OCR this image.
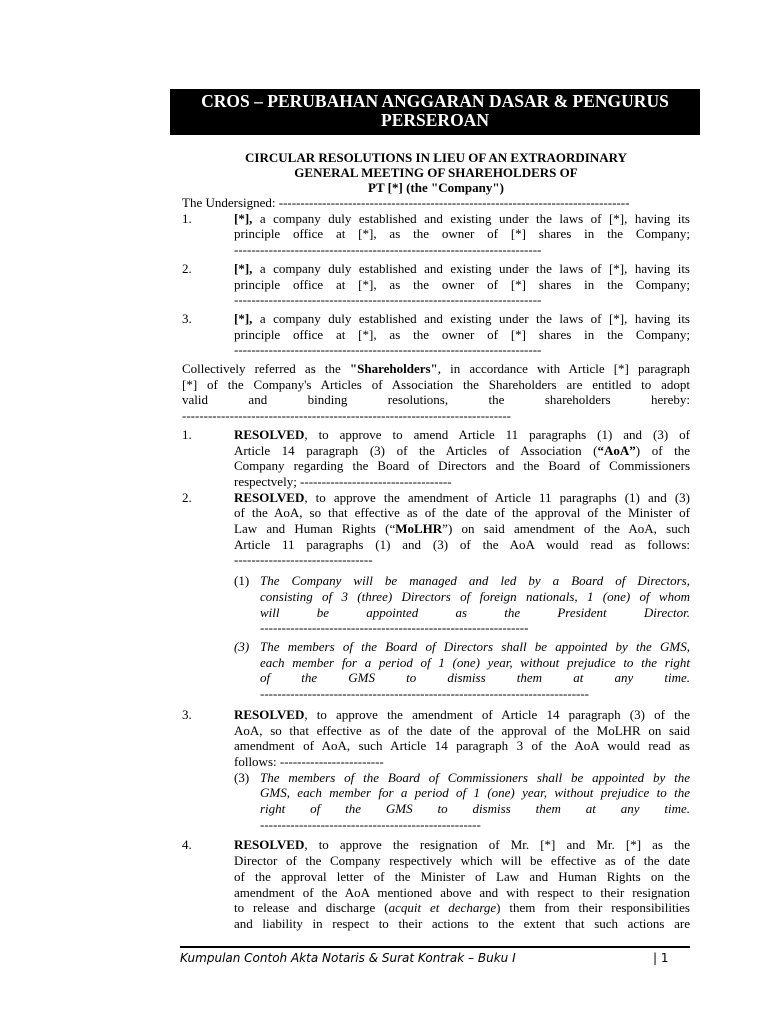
CROS – PERUBAHAN ANGGARAN DASAR & PENGURUS
PERSEROAN
CIRCULAR RESOLUTIONS IN LIEU OF AN EXTRAORDINARY
GENERAL MEETING OF SHAREHOLDERS OF
PT [*] (the "Company")
The Undersigned: ---------------------------------------------------------------------------------
1.	[*], a company duly established and existing under the laws of [*], having its
principle office at [*], as the owner of [*] shares in the Company;
-----------------------------------------------------------------------
2.	[*], a company duly established and existing under the laws of [*], having its
principle office at [*], as the owner of [*] shares in the Company;
-----------------------------------------------------------------------
3.	[*], a company duly established and existing under the laws of [*], having its
principle office at [*], as the owner of [*] shares in the Company;
-----------------------------------------------------------------------
Collectively referred as the "Shareholders", in accordance with Article [*] paragraph
[*] of the Company's Articles of Association the Shareholders are entitled to adopt
valid and binding resolutions, the shareholders hereby:
----------------------------------------------------------------------------
1.	RESOLVED, to approve to amend Article 11 paragraphs (1) and (3) of
Article 14 paragraph (3) of the Articles of Association (“AoA”) of the
Company regarding the Board of Directors and the Board of Commissioners
respectvely; -----------------------------------
2.	RESOLVED, to approve the amendment of Article 11 paragraphs (1) and (3)
of the AoA, so that effective as of the date of the approval of the Minister of
Law and Human Rights (“MoLHR”) on said amendment of the AoA, such
Article 11 paragraphs (1) and (3) of the AoA would read as follows:
--------------------------------
(1) The Company will be managed and led by a Board of Directors,
consisting of 3 (three) Directors of foreign nationals, 1 (one) of whom
will be appointed as the President Director.
--------------------------------------------------------------
(3) The members of the Board of Directors shall be appointed by the GMS,
each member for a period of 1 (one) year, without prejudice to the right
of the GMS to dismiss them at any time.
----------------------------------------------------------------------------
3.	RESOLVED, to approve the amendment of Article 14 paragraph (3) of the
AoA, so that effective as of the date of the approval of the MoLHR on said
amendment of AoA, such Article 14 paragraph 3 of the AoA would read as
follows: ------------------------
(3) The members of the Board of Commissioners shall be appointed by the
GMS, each member for a period of 1 (one) year, without prejudice to the
right of the GMS to dismiss them at any time.
---------------------------------------------------
4.	RESOLVED, to approve the resignation of Mr. [*] and Mr. [*] as the
Director of the Company respectively which will be effective as of the date
of the approval letter of the Minister of Law and Human Rights on the
amendment of the AoA mentioned above and with respect to their resignation
to release and discharge (acquit et decharge) them from their responsibilities
and liability in respect to their actions to the extent that such actions are
Kumpulan Contoh Akta Notaris & Surat Kontrak – Buku I	| 1
